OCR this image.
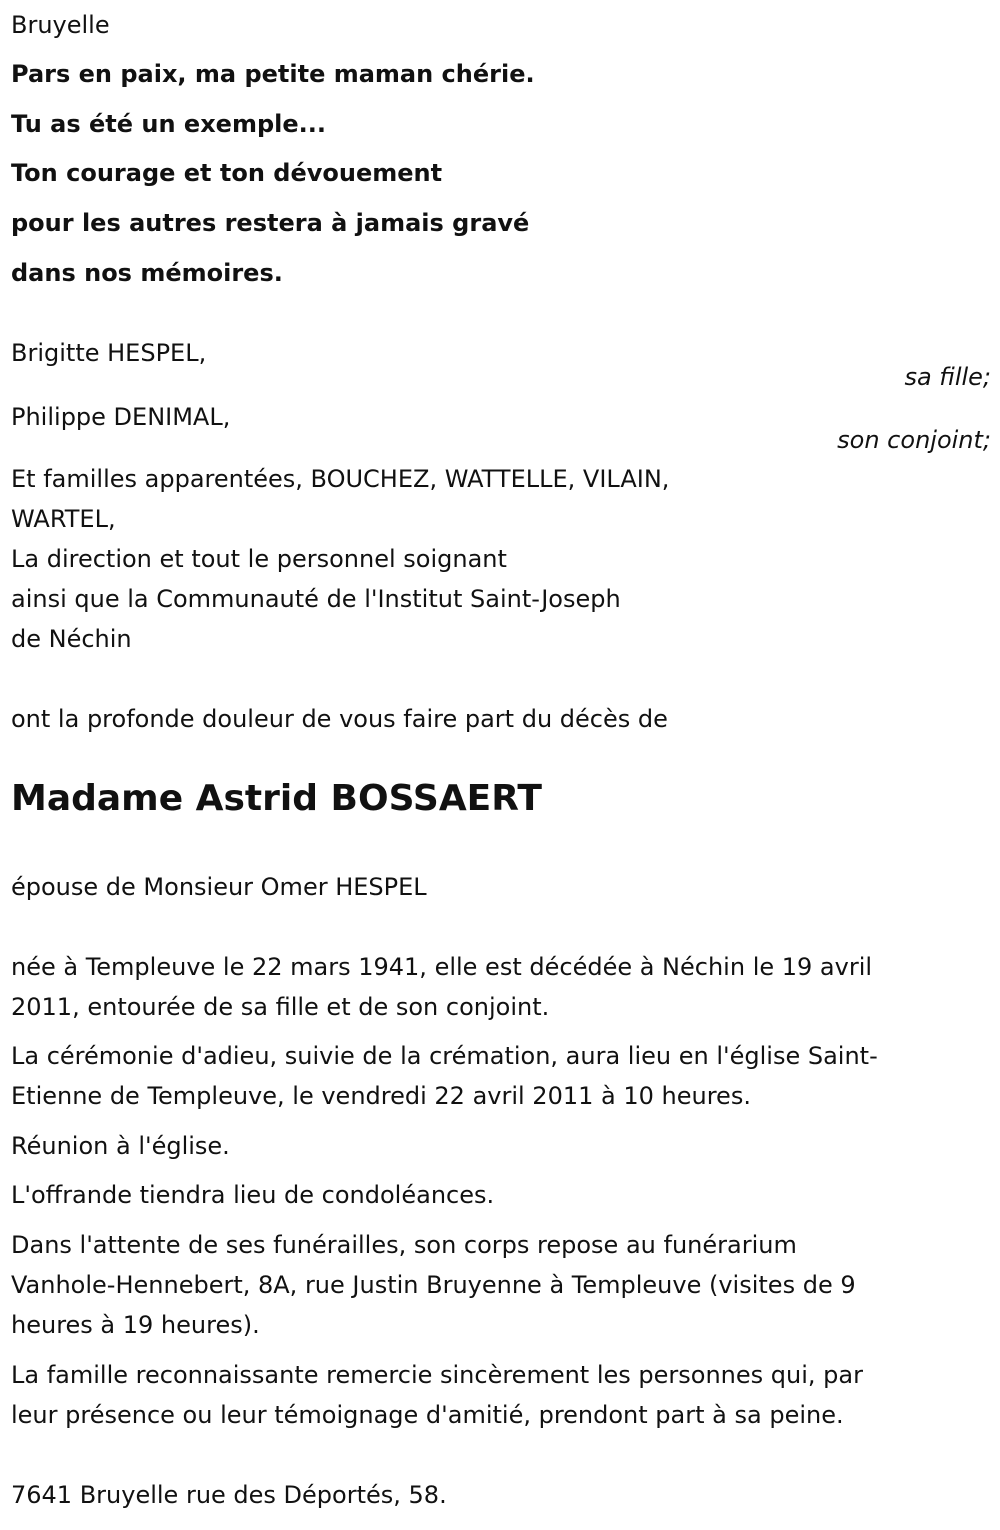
Bruyelle
Pars en paix, ma petite maman chérie.
Tu as été un exemple...
Ton courage et ton dévouement
pour les autres restera à jamais gravé
dans nos mémoires.
Brigitte HESPEL,
sa fille;
Philippe DENIMAL,
son conjoint;
Et familles apparentées, BOUCHEZ, WATTELLE, VILAIN,
WARTEL,
La direction et tout le personnel soignant
ainsi que la Communauté de l'Institut Saint-Joseph
de Néchin
ont la profonde douleur de vous faire part du décès de
Madame Astrid BOSSAERT
épouse de Monsieur Omer HESPEL
née à Templeuve le 22 mars 1941, elle est décédée à Néchin le 19 avril
2011, entourée de sa fille et de son conjoint.
La cérémonie d'adieu, suivie de la crémation, aura lieu en l'église Saint-
Etienne de Templeuve, le vendredi 22 avril 2011 à 10 heures.
Réunion à l'église.
L'offrande tiendra lieu de condoléances.
Dans l'attente de ses funérailles, son corps repose au funérarium
Vanhole-Hennebert, 8A, rue Justin Bruyenne à Templeuve (visites de 9
heures à 19 heures).
La famille reconnaissante remercie sincèrement les personnes qui, par
leur présence ou leur témoignage d'amitié, prendont part à sa peine.
7641 Bruyelle rue des Déportés, 58.
